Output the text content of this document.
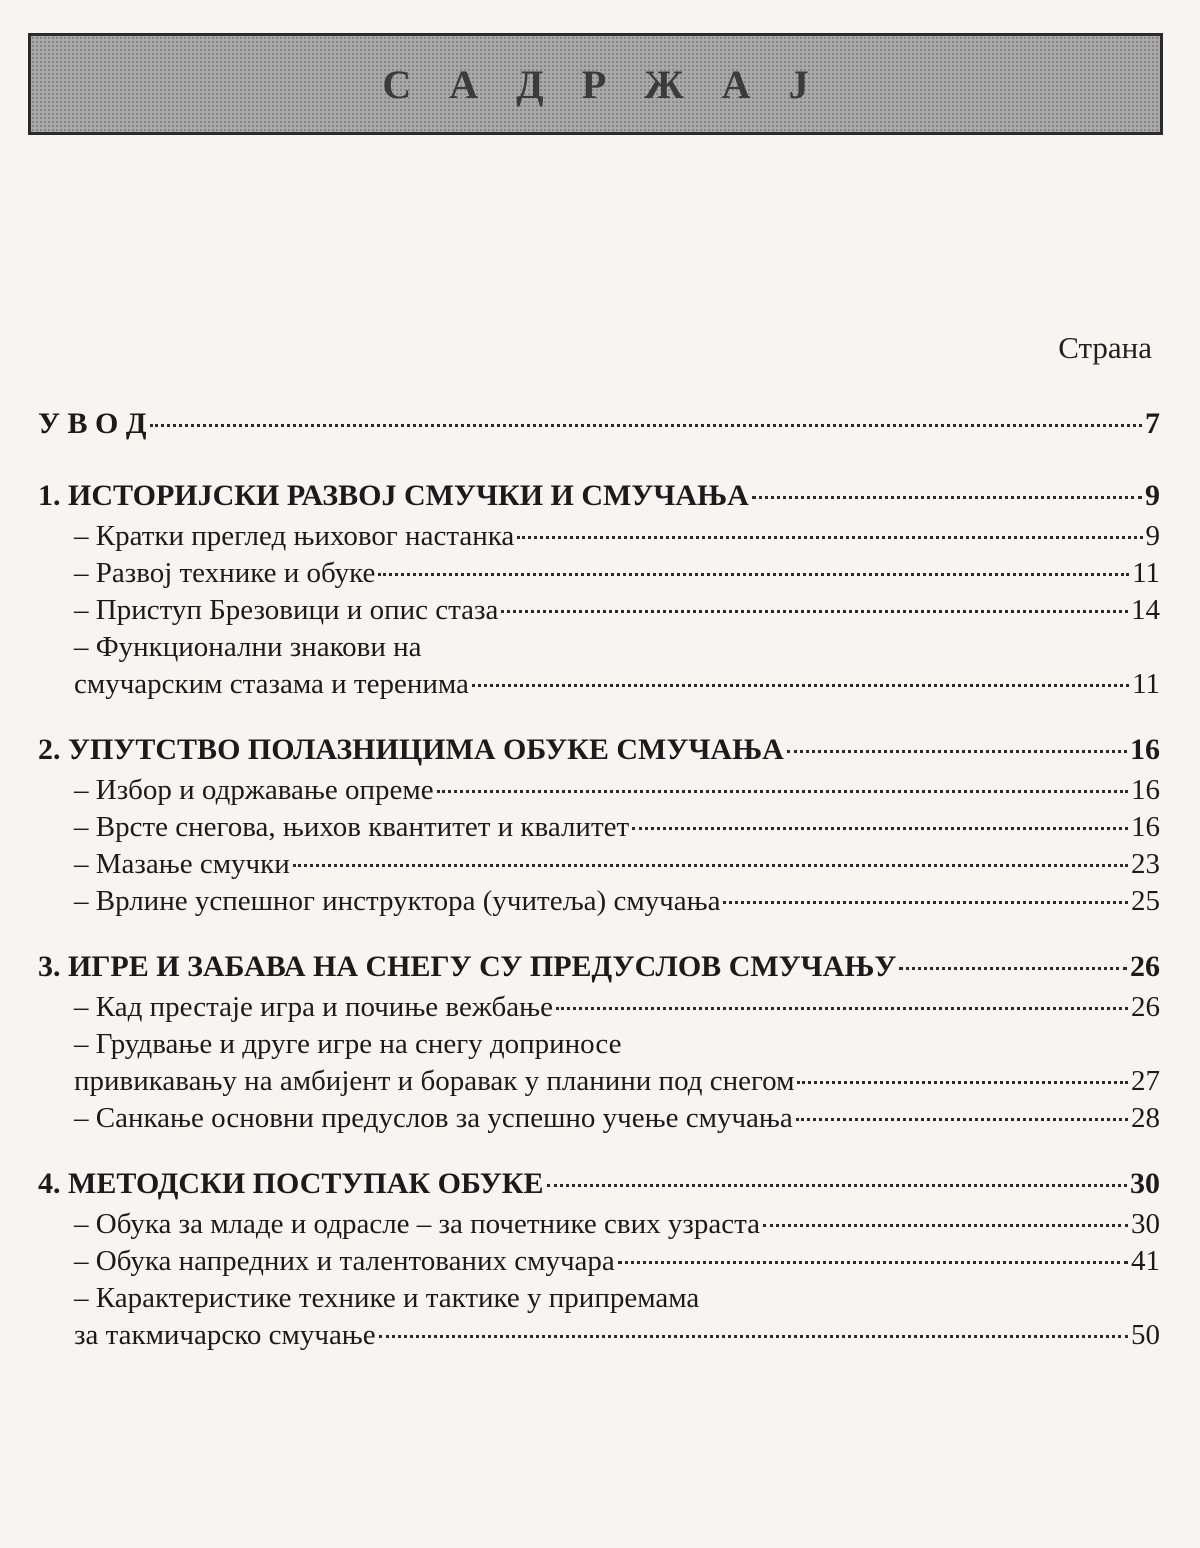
С А Д Р Ж А Ј
Страна
У В О Д	7
1. ИСТОРИЈСКИ РАЗВОЈ СМУЧКИ И СМУЧАЊА	9
– Кратки преглед њиховог настанка	9
– Развој технике и обуке	11
– Приступ Брезовици и опис стаза	14
– Функционални знакови на
смучарским стазама и теренима	11
2. УПУТСТВО ПОЛАЗНИЦИМА ОБУКЕ СМУЧАЊА	16
– Избор и одржавање опреме	16
– Врсте снегова, њихов квантитет и квалитет	16
– Мазање смучки	23
– Врлине успешног инструктора (учитеља) смучања	25
3. ИГРЕ И ЗАБАВА НА СНЕГУ СУ ПРЕДУСЛОВ СМУЧАЊУ	26
– Кад престаје игра и почиње вежбање	26
– Грудвање и друге игре на снегу доприносе
привикавању на амбијент и боравак у планини под снегом	27
– Санкање основни предуслов за успешно учење смучања	28
4. МЕТОДСКИ ПОСТУПАК ОБУКЕ	30
– Обука за младе и одрасле – за почетнике свих узраста	30
– Обука напредних и талентованих смучара	41
– Карактеристике технике и тактике у припремама
за такмичарско смучање	50
